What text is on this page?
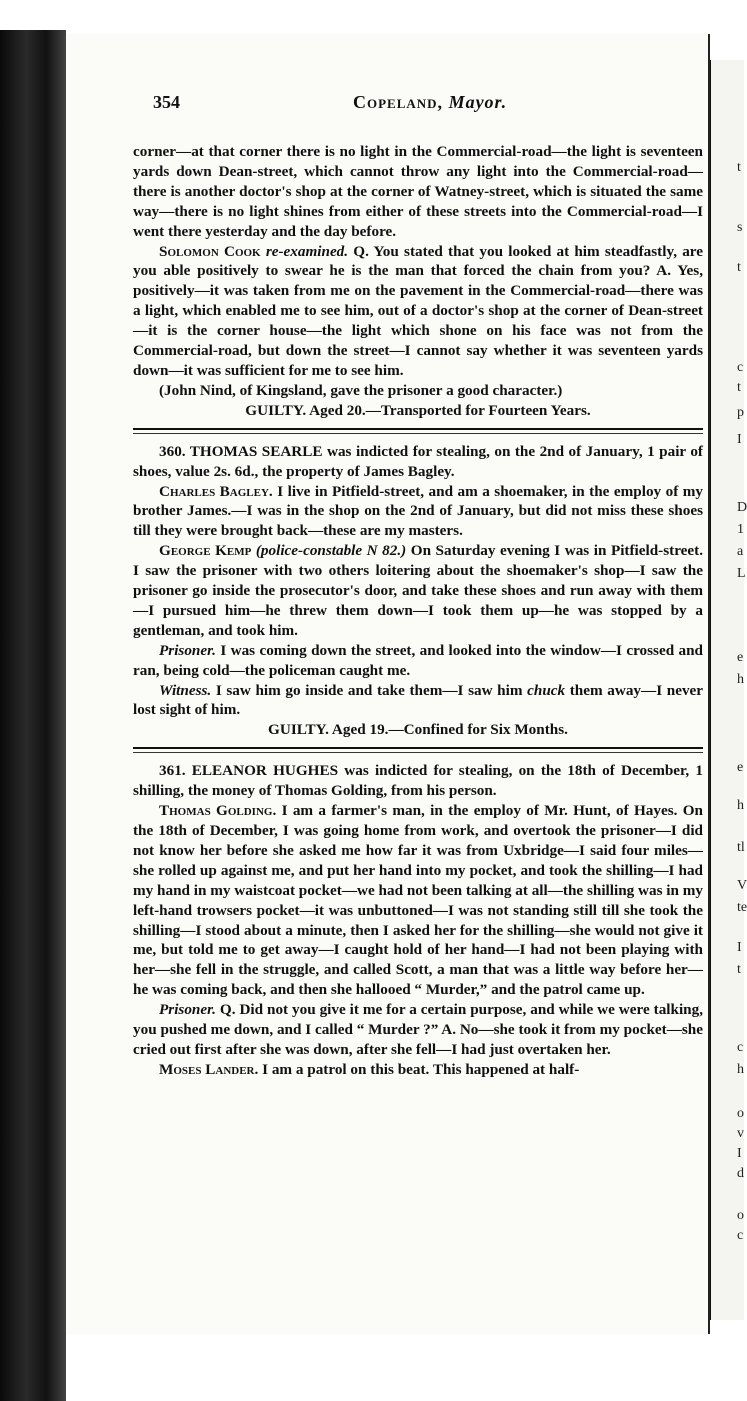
t
s
t
c
t
p
I
D
1
a
L
e
h
e
h
tl
V
te
I
t
c
h
o
v
I
d
o
c
354	Copeland, Mayor.

corner—at that corner there is no light in the Commercial-road—the light is seventeen yards down Dean-street, which cannot throw any light into the Commercial-road—there is another doctor's shop at the corner of Watney-street, which is situated the same way—there is no light shines from either of these streets into the Commercial-road—I went there yesterday and the day before.

Solomon Cook re-examined. Q. You stated that you looked at him steadfastly, are you able positively to swear he is the man that forced the chain from you? A. Yes, positively—it was taken from me on the pavement in the Commercial-road—there was a light, which enabled me to see him, out of a doctor's shop at the corner of Dean-street—it is the corner house—the light which shone on his face was not from the Commercial-road, but down the street—I cannot say whether it was seventeen yards down—it was sufficient for me to see him.

(John Nind, of Kingsland, gave the prisoner a good character.)

GUILTY. Aged 20.—Transported for Fourteen Years.

360. THOMAS SEARLE was indicted for stealing, on the 2nd of January, 1 pair of shoes, value 2s. 6d., the property of James Bagley.

Charles Bagley. I live in Pitfield-street, and am a shoemaker, in the employ of my brother James.—I was in the shop on the 2nd of January, but did not miss these shoes till they were brought back—these are my masters.

George Kemp (police-constable N 82.) On Saturday evening I was in Pitfield-street. I saw the prisoner with two others loitering about the shoemaker's shop—I saw the prisoner go inside the prosecutor's door, and take these shoes and run away with them—I pursued him—he threw them down—I took them up—he was stopped by a gentleman, and took him.

Prisoner. I was coming down the street, and looked into the window—I crossed and ran, being cold—the policeman caught me.

Witness. I saw him go inside and take them—I saw him chuck them away—I never lost sight of him.

GUILTY. Aged 19.—Confined for Six Months.

361. ELEANOR HUGHES was indicted for stealing, on the 18th of December, 1 shilling, the money of Thomas Golding, from his person.

Thomas Golding. I am a farmer's man, in the employ of Mr. Hunt, of Hayes. On the 18th of December, I was going home from work, and overtook the prisoner—I did not know her before she asked me how far it was from Uxbridge—I said four miles—she rolled up against me, and put her hand into my pocket, and took the shilling—I had my hand in my waistcoat pocket—we had not been talking at all—the shilling was in my left-hand trowsers pocket—it was unbuttoned—I was not standing still till she took the shilling—I stood about a minute, then I asked her for the shilling—she would not give it me, but told me to get away—I caught hold of her hand—I had not been playing with her—she fell in the struggle, and called Scott, a man that was a little way before her—he was coming back, and then she hallooed “ Murder,” and the patrol came up.

Prisoner. Q. Did not you give it me for a certain purpose, and while we were talking, you pushed me down, and I called “ Murder ?” A. No—she took it from my pocket—she cried out first after she was down, after she fell—I had just overtaken her.

Moses Lander. I am a patrol on this beat. This happened at half-
